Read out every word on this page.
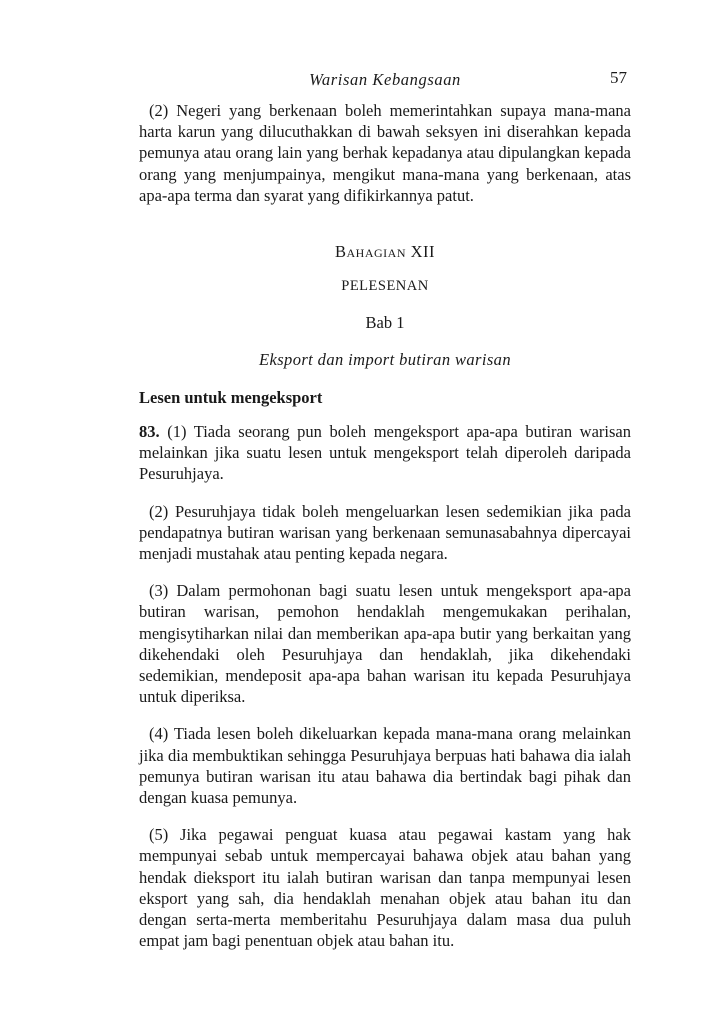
Warisan Kebangsaan	57

(2) Negeri yang berkenaan boleh memerintahkan supaya mana-mana harta karun yang dilucuthakkan di bawah seksyen ini diserahkan kepada pemunya atau orang lain yang berhak kepadanya atau dipulangkan kepada orang yang menjumpainya, mengikut mana-mana yang berkenaan, atas apa-apa terma dan syarat yang difikirkannya patut.

Bahagian XII
PELESENAN
Bab 1
Eksport dan import butiran warisan
Lesen untuk mengeksport

83. (1) Tiada seorang pun boleh mengeksport apa-apa butiran warisan melainkan jika suatu lesen untuk mengeksport telah diperoleh daripada Pesuruhjaya.

(2) Pesuruhjaya tidak boleh mengeluarkan lesen sedemikian jika pada pendapatnya butiran warisan yang berkenaan semunasabahnya dipercayai menjadi mustahak atau penting kepada negara.

(3) Dalam permohonan bagi suatu lesen untuk mengeksport apa-apa butiran warisan, pemohon hendaklah mengemukakan perihalan, mengisytiharkan nilai dan memberikan apa-apa butir yang berkaitan yang dikehendaki oleh Pesuruhjaya dan hendaklah, jika dikehendaki sedemikian, mendeposit apa-apa bahan warisan itu kepada Pesuruhjaya untuk diperiksa.

(4) Tiada lesen boleh dikeluarkan kepada mana-mana orang melainkan jika dia membuktikan sehingga Pesuruhjaya berpuas hati bahawa dia ialah pemunya butiran warisan itu atau bahawa dia bertindak bagi pihak dan dengan kuasa pemunya.

(5) Jika pegawai penguat kuasa atau pegawai kastam yang hak mempunyai sebab untuk mempercayai bahawa objek atau bahan yang hendak dieksport itu ialah butiran warisan dan tanpa mempunyai lesen eksport yang sah, dia hendaklah menahan objek atau bahan itu dan dengan serta-merta memberitahu Pesuruhjaya dalam masa dua puluh empat jam bagi penentuan objek atau bahan itu.
